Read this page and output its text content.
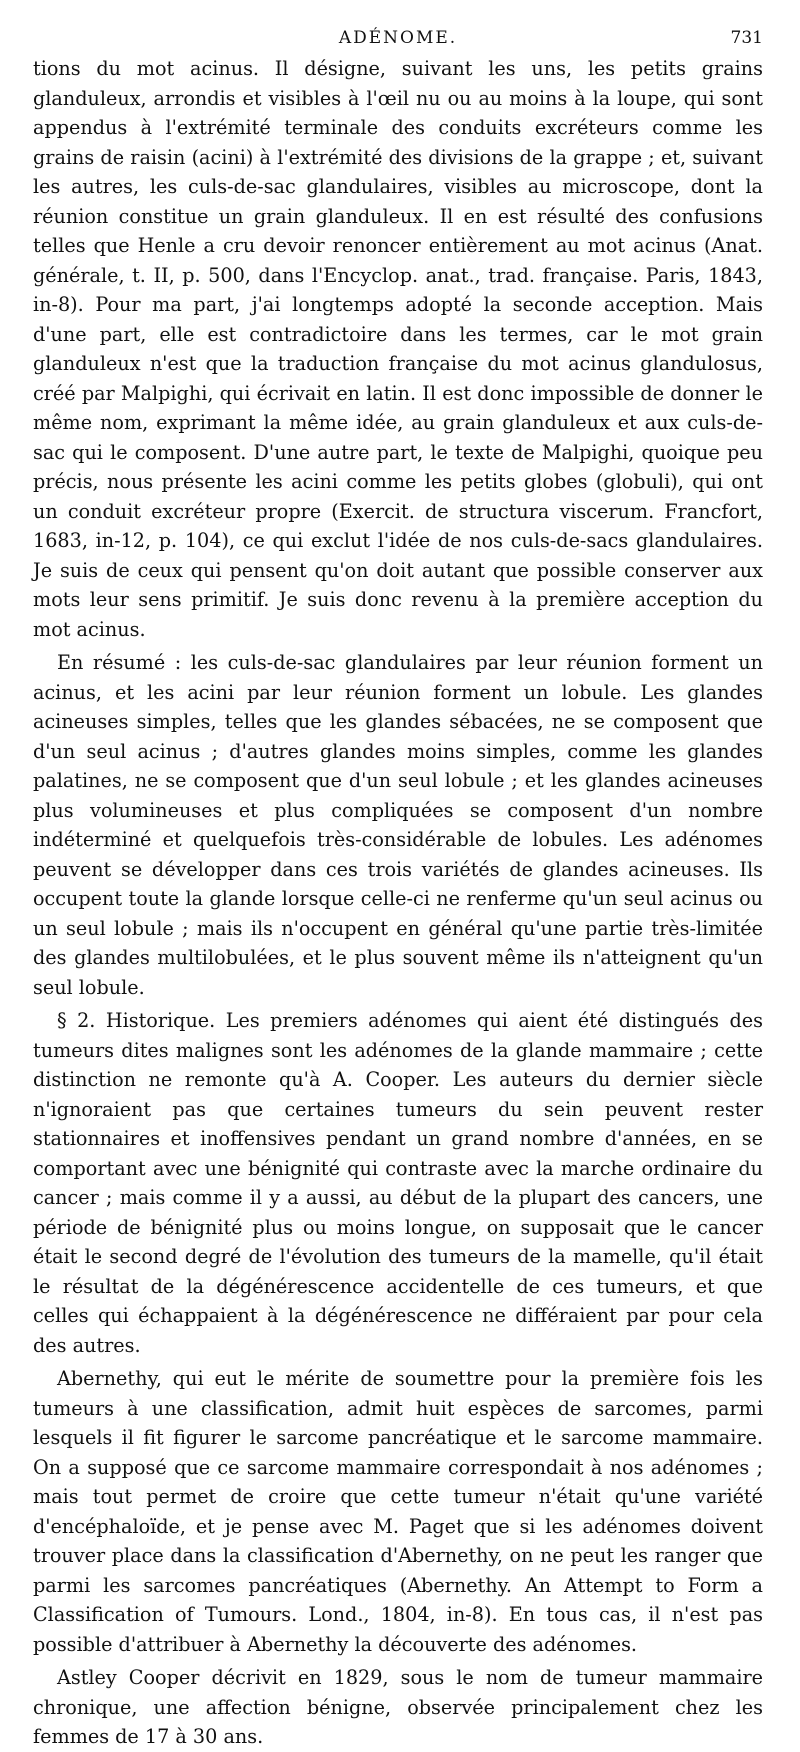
ADÉNOME.	731

tions du mot acinus. Il désigne, suivant les uns, les petits grains glanduleux, arrondis et visibles à l'œil nu ou au moins à la loupe, qui sont appendus à l'extrémité terminale des conduits excréteurs comme les grains de raisin (acini) à l'extrémité des divisions de la grappe ; et, suivant les autres, les culs-de-sac glandulaires, visibles au microscope, dont la réunion constitue un grain glanduleux. Il en est résulté des confusions telles que Henle a cru devoir renoncer entièrement au mot acinus (Anat. générale, t. II, p. 500, dans l'Encyclop. anat., trad. française. Paris, 1843, in-8). Pour ma part, j'ai longtemps adopté la seconde acception. Mais d'une part, elle est contradictoire dans les termes, car le mot grain glanduleux n'est que la traduction française du mot acinus glandulosus, créé par Malpighi, qui écrivait en latin. Il est donc impossible de donner le même nom, exprimant la même idée, au grain glanduleux et aux culs-de-sac qui le composent. D'une autre part, le texte de Malpighi, quoique peu précis, nous présente les acini comme les petits globes (globuli), qui ont un conduit excréteur propre (Exercit. de structura viscerum. Francfort, 1683, in-12, p. 104), ce qui exclut l'idée de nos culs-de-sacs glandulaires. Je suis de ceux qui pensent qu'on doit autant que possible conserver aux mots leur sens primitif. Je suis donc revenu à la première acception du mot acinus.

En résumé : les culs-de-sac glandulaires par leur réunion forment un acinus, et les acini par leur réunion forment un lobule. Les glandes acineuses simples, telles que les glandes sébacées, ne se composent que d'un seul acinus ; d'autres glandes moins simples, comme les glandes palatines, ne se composent que d'un seul lobule ; et les glandes acineuses plus volumineuses et plus compliquées se composent d'un nombre indéterminé et quelquefois très-considérable de lobules. Les adénomes peuvent se développer dans ces trois variétés de glandes acineuses. Ils occupent toute la glande lorsque celle-ci ne renferme qu'un seul acinus ou un seul lobule ; mais ils n'occupent en général qu'une partie très-limitée des glandes multilobulées, et le plus souvent même ils n'atteignent qu'un seul lobule.

§ 2. Historique. Les premiers adénomes qui aient été distingués des tumeurs dites malignes sont les adénomes de la glande mammaire ; cette distinction ne remonte qu'à A. Cooper. Les auteurs du dernier siècle n'ignoraient pas que certaines tumeurs du sein peuvent rester stationnaires et inoffensives pendant un grand nombre d'années, en se comportant avec une bénignité qui contraste avec la marche ordinaire du cancer ; mais comme il y a aussi, au début de la plupart des cancers, une période de bénignité plus ou moins longue, on supposait que le cancer était le second degré de l'évolution des tumeurs de la mamelle, qu'il était le résultat de la dégénérescence accidentelle de ces tumeurs, et que celles qui échappaient à la dégénérescence ne différaient par pour cela des autres.

Abernethy, qui eut le mérite de soumettre pour la première fois les tumeurs à une classification, admit huit espèces de sarcomes, parmi lesquels il fit figurer le sarcome pancréatique et le sarcome mammaire. On a supposé que ce sarcome mammaire correspondait à nos adénomes ; mais tout permet de croire que cette tumeur n'était qu'une variété d'encéphaloïde, et je pense avec M. Paget que si les adénomes doivent trouver place dans la classification d'Abernethy, on ne peut les ranger que parmi les sarcomes pancréatiques (Abernethy. An Attempt to Form a Classification of Tumours. Lond., 1804, in-8). En tous cas, il n'est pas possible d'attribuer à Abernethy la découverte des adénomes.

Astley Cooper décrivit en 1829, sous le nom de tumeur mammaire chronique, une affection bénigne, observée principalement chez les femmes de 17 à 30 ans.
